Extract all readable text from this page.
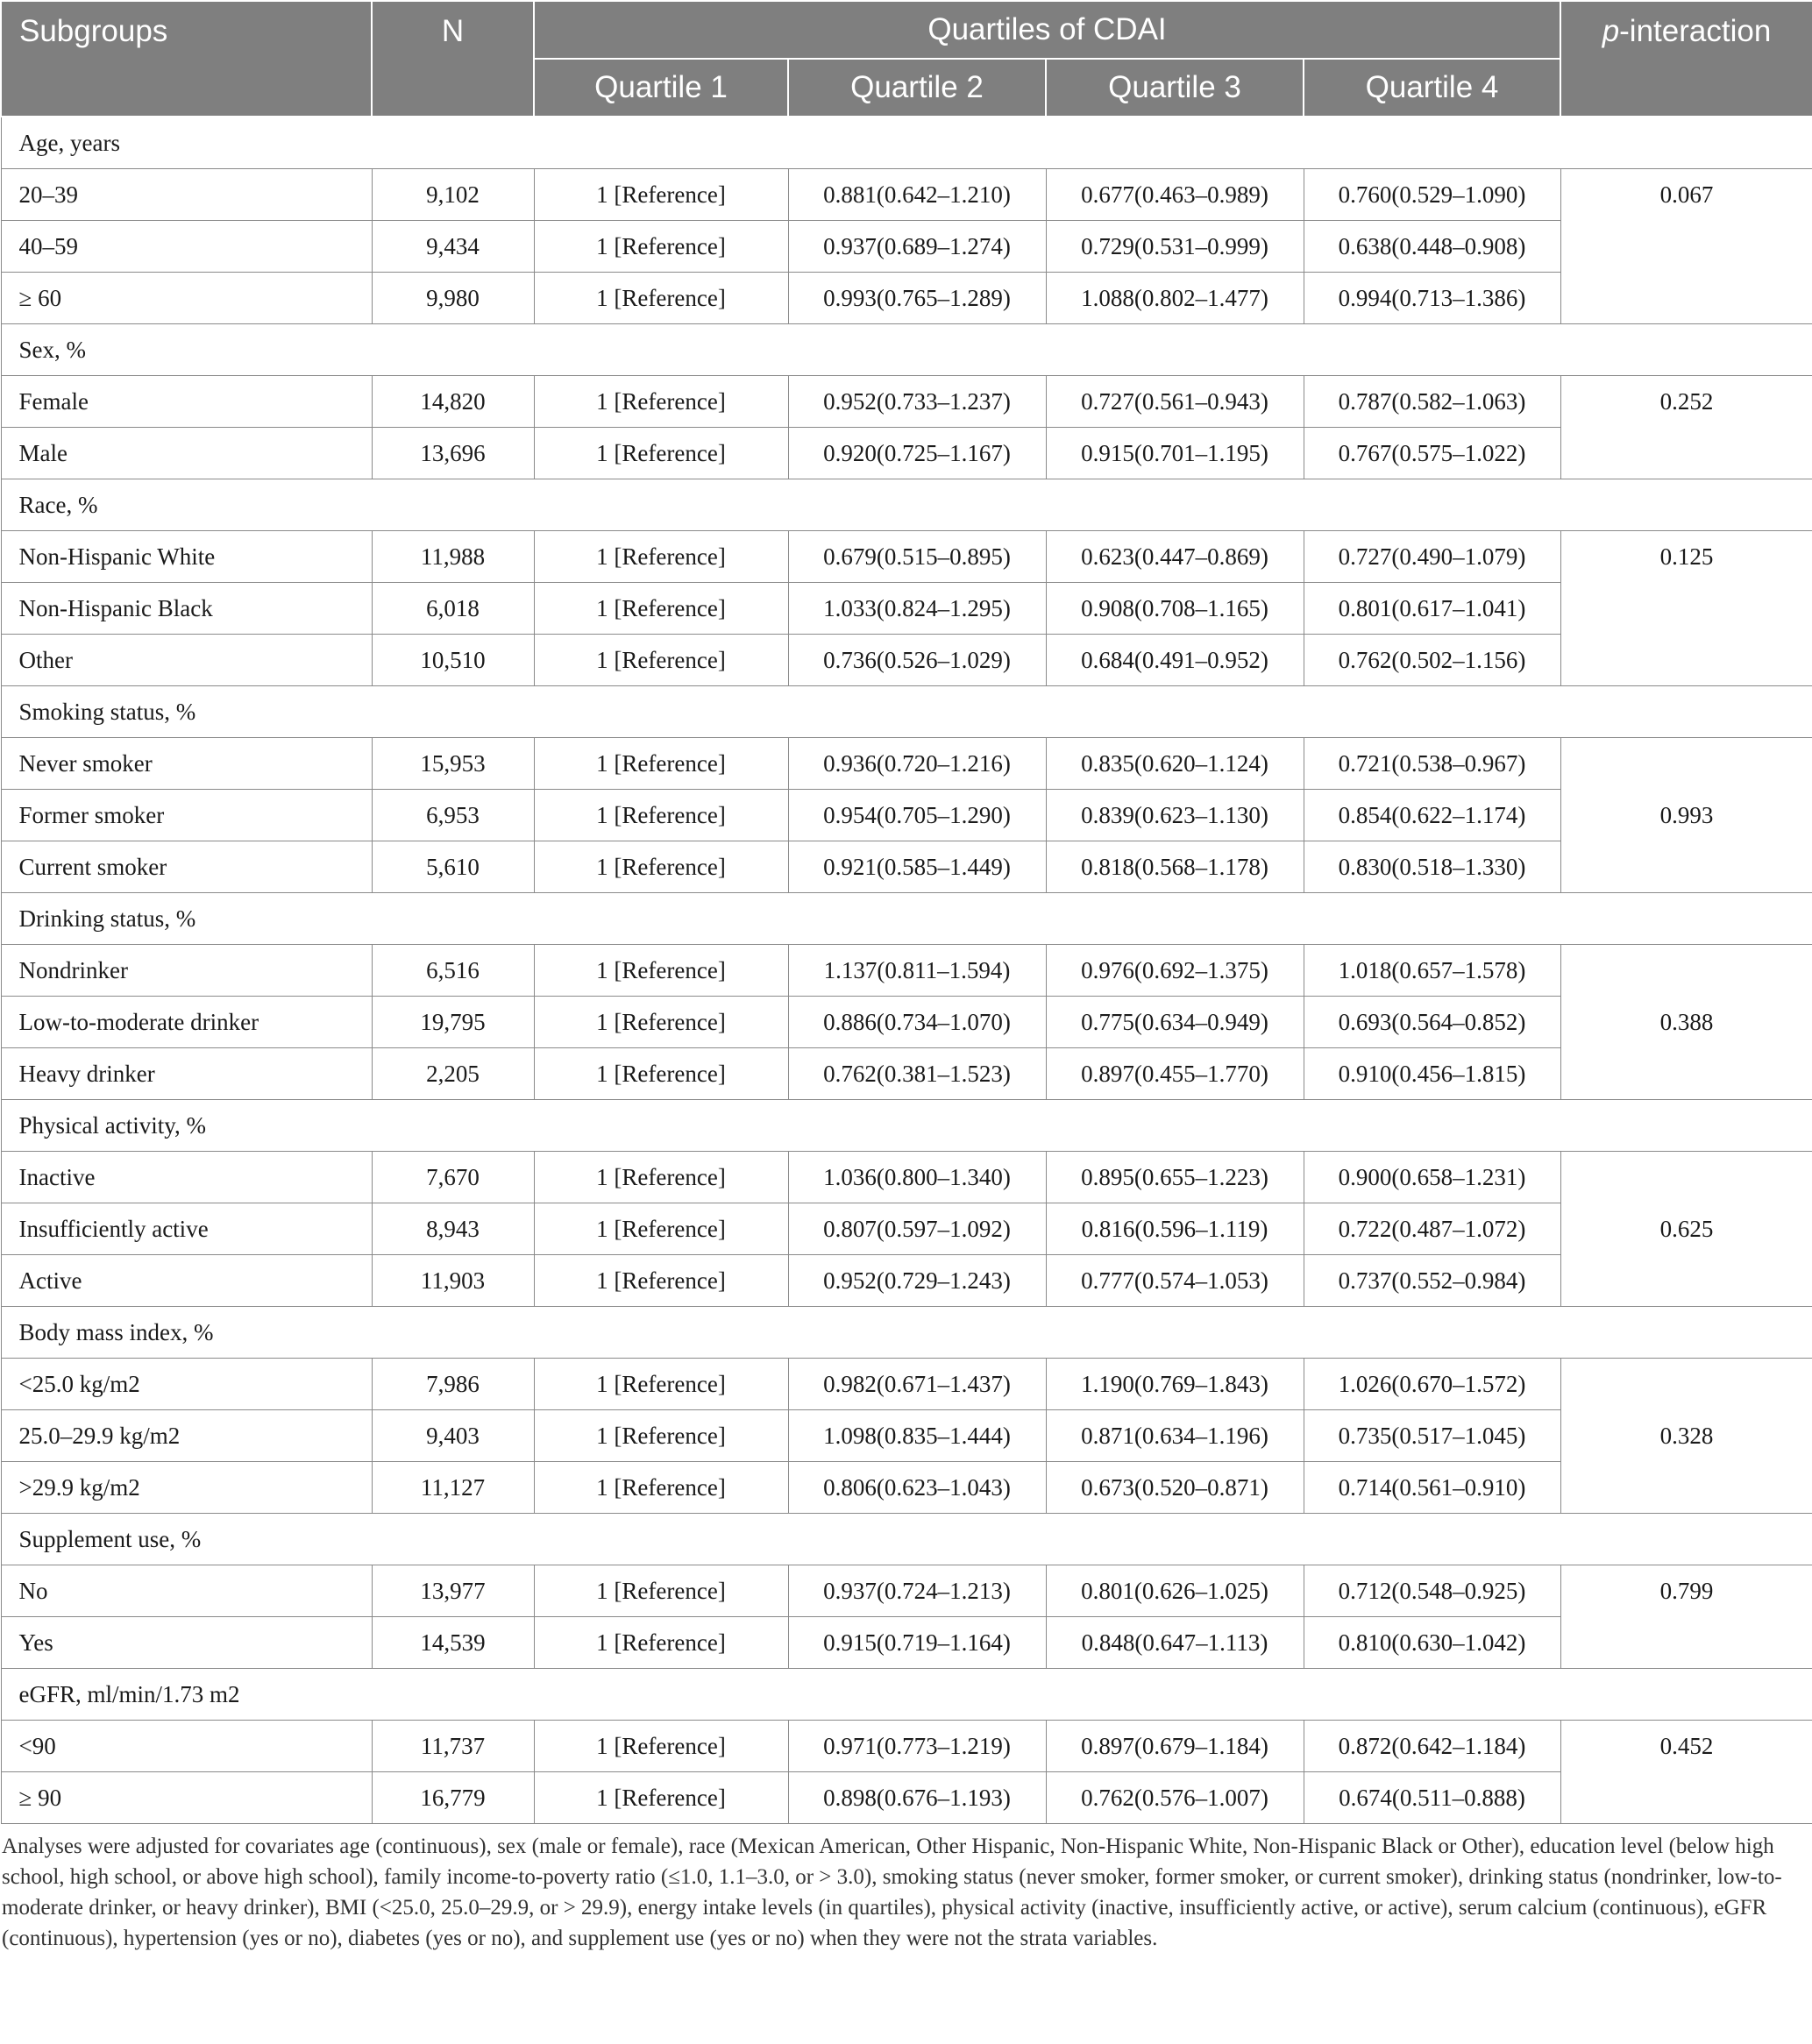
Subgroups	N	Quartiles of CDAI				p-interaction
		Quartile 1	Quartile 2	Quartile 3	Quartile 4	
Age, years						
20–39	9,102	1 [Reference]	0.881(0.642–1.210)	0.677(0.463–0.989)	0.760(0.529–1.090)	0.067
40–59	9,434	1 [Reference]	0.937(0.689–1.274)	0.729(0.531–0.999)	0.638(0.448–0.908)	
≥ 60	9,980	1 [Reference]	0.993(0.765–1.289)	1.088(0.802–1.477)	0.994(0.713–1.386)	
Sex, %						
Female	14,820	1 [Reference]	0.952(0.733–1.237)	0.727(0.561–0.943)	0.787(0.582–1.063)	0.252
Male	13,696	1 [Reference]	0.920(0.725–1.167)	0.915(0.701–1.195)	0.767(0.575–1.022)	
Race, %						
Non-Hispanic White	11,988	1 [Reference]	0.679(0.515–0.895)	0.623(0.447–0.869)	0.727(0.490–1.079)	0.125
Non-Hispanic Black	6,018	1 [Reference]	1.033(0.824–1.295)	0.908(0.708–1.165)	0.801(0.617–1.041)	
Other	10,510	1 [Reference]	0.736(0.526–1.029)	0.684(0.491–0.952)	0.762(0.502–1.156)	
Smoking status, %						
Never smoker	15,953	1 [Reference]	0.936(0.720–1.216)	0.835(0.620–1.124)	0.721(0.538–0.967)	0.993
Former smoker	6,953	1 [Reference]	0.954(0.705–1.290)	0.839(0.623–1.130)	0.854(0.622–1.174)	
Current smoker	5,610	1 [Reference]	0.921(0.585–1.449)	0.818(0.568–1.178)	0.830(0.518–1.330)	
Drinking status, %						
Nondrinker	6,516	1 [Reference]	1.137(0.811–1.594)	0.976(0.692–1.375)	1.018(0.657–1.578)	0.388
Low-to-moderate drinker	19,795	1 [Reference]	0.886(0.734–1.070)	0.775(0.634–0.949)	0.693(0.564–0.852)	
Heavy drinker	2,205	1 [Reference]	0.762(0.381–1.523)	0.897(0.455–1.770)	0.910(0.456–1.815)	
Physical activity, %						
Inactive	7,670	1 [Reference]	1.036(0.800–1.340)	0.895(0.655–1.223)	0.900(0.658–1.231)	0.625
Insufficiently active	8,943	1 [Reference]	0.807(0.597–1.092)	0.816(0.596–1.119)	0.722(0.487–1.072)	
Active	11,903	1 [Reference]	0.952(0.729–1.243)	0.777(0.574–1.053)	0.737(0.552–0.984)	
Body mass index, %						
<25.0 kg/m2	7,986	1 [Reference]	0.982(0.671–1.437)	1.190(0.769–1.843)	1.026(0.670–1.572)	0.328
25.0–29.9 kg/m2	9,403	1 [Reference]	1.098(0.835–1.444)	0.871(0.634–1.196)	0.735(0.517–1.045)	
>29.9 kg/m2	11,127	1 [Reference]	0.806(0.623–1.043)	0.673(0.520–0.871)	0.714(0.561–0.910)	
Supplement use, %						
No	13,977	1 [Reference]	0.937(0.724–1.213)	0.801(0.626–1.025)	0.712(0.548–0.925)	0.799
Yes	14,539	1 [Reference]	0.915(0.719–1.164)	0.848(0.647–1.113)	0.810(0.630–1.042)	
eGFR, ml/min/1.73 m2						
<90	11,737	1 [Reference]	0.971(0.773–1.219)	0.897(0.679–1.184)	0.872(0.642–1.184)	0.452
≥ 90	16,779	1 [Reference]	0.898(0.676–1.193)	0.762(0.576–1.007)	0.674(0.511–0.888)	
Analyses were adjusted for covariates age (continuous), sex (male or female), race (Mexican American, Other Hispanic, Non-Hispanic White, Non-Hispanic Black or Other), education level (below high school, high school, or above high school), family income-to-poverty ratio (≤1.0, 1.1–3.0, or > 3.0), smoking status (never smoker, former smoker, or current smoker), drinking status (nondrinker, low-to-moderate drinker, or heavy drinker), BMI (<25.0, 25.0–29.9, or > 29.9), energy intake levels (in quartiles), physical activity (inactive, insufficiently active, or active), serum calcium (continuous), eGFR (continuous), hypertension (yes or no), diabetes (yes or no), and supplement use (yes or no) when they were not the strata variables.
